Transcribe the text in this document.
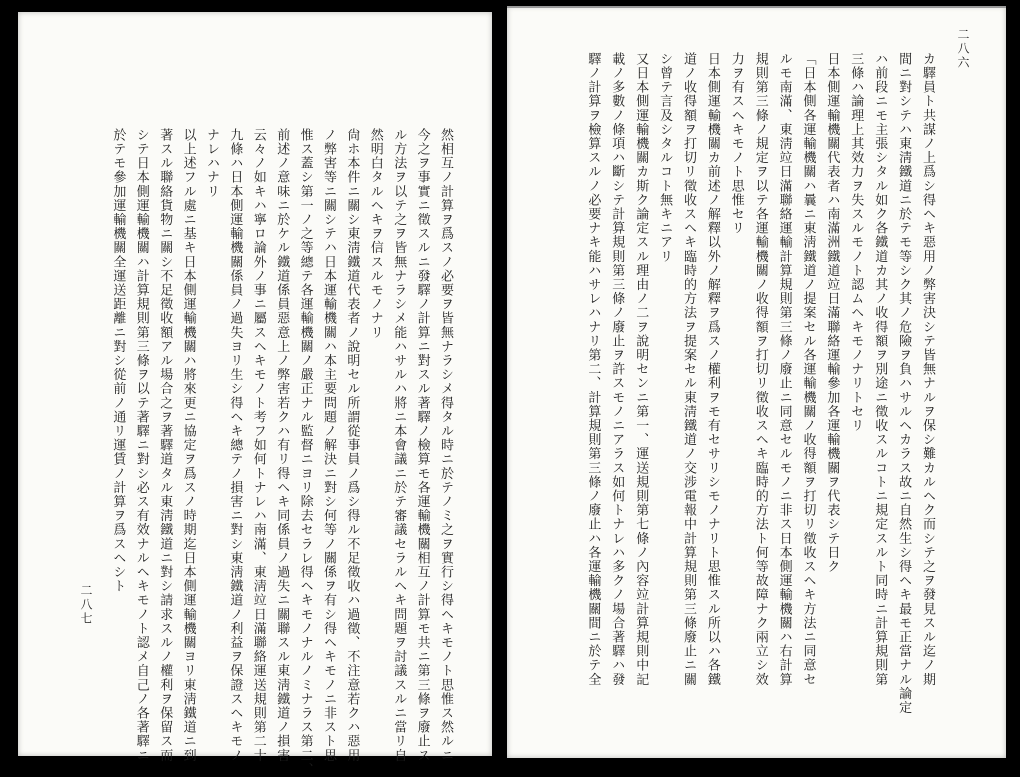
二八七	然相互ノ計算ヲ爲スノ必要ヲ皆無ナラシメ得タル時ニ於テノミ之ヲ實行シ得ヘキモノト思惟ス然ルニ
今之ヲ事實ニ徵スルニ發驛ノ計算ニ對スル著驛ノ檢算モ各運輸機關相互ノ計算モ共ニ第三條ヲ廢止ス
ル方法ヲ以テ之ヲ皆無ナラシメ能ハサルハ將ニ本會議ニ於テ審議セラルヘキ問題ヲ討議スルニ當リ自
然明白タルヘキヲ信スルモノナリ
尙ホ本件ニ關シ東淸鐵道代表者ノ說明セル所謂從事員ノ爲シ得ル不足徵收ハ過徵、不注意若クハ惡用
ノ弊害等ニ關シテハ日本運輸機關ハ本主要問題ノ解決ニ對シ何等ノ關係ヲ有シ得ヘキモノニ非スト思
惟ス蓋シ第一ノ之等總テ各運輸機關ノ嚴正ナル監督ニヨリ除去セラレ得ヘキモノナルノミナラス第二、
前述ノ意味ニ於ケル鐵道係員惡意上ノ弊害若クハ有リ得ヘキ同係員ノ過失ニ關聯スル東淸鐵道ノ損害
云々ノ如キハ寧ロ論外ノ事ニ屬スヘキモノト考フ如何トナレハ南滿、東淸竝日滿聯絡運送規則第二十
九條ハ日本側運輸機關係員ノ過失ヨリ生シ得ヘキ總テノ損害ニ對シ東淸鐵道ノ利益ヲ保證スヘキモノ
ナレハナリ
以上述フル處ニ基キ日本側運輸機關ハ將來更ニ協定ヲ爲スノ時期迄日本側運輸機關ヨリ東淸鐵道ニ到
著スル聯絡貨物ニ關シ不足徵收額アル場合之ヲ著驛道タル東淸鐵道ニ對シ請求スルノ權利ヲ保留ス而
シテ日本側運輸機關ハ計算規則第三條ヲ以テ著驛ニ對シ必ス有效ナルヘキモノト認メ自己ノ各著驛ニ
於テモ參加運輸機關全運送距離ニ對シ從前ノ通リ運賃ノ計算ヲ爲スヘシト
二八六
カ驛員ト共謀ノ上爲シ得ヘキ惡用ノ弊害決シテ皆無ナルヲ保シ難カルヘク而シテ之ヲ發見スル迄ノ期
間ニ對シテハ東淸鐵道ニ於テモ等シク其ノ危險ヲ負ハサルヘカラス故ニ自然生シ得ヘキ最モ正當ナル論定
ハ前段ニモ主張シタル如ク各鐵道カ其ノ收得額ヲ別途ニ徵收スルコトニ規定スルト同時ニ計算規則第
三條ハ論理上其效力ヲ失スルモノト認ムヘキモノナリトセリ
日本側運輸機關代表者ハ南滿洲鐵道竝日滿聯絡運輸參加各運輸機關ヲ代表シテ日ク
「日本側各運輸機關ハ曩ニ東淸鐵道ノ提案セル各運輸機關ノ收得額ヲ打切リ徵收スヘキ方法ニ同意セ
ルモ南滿、東淸竝日滿聯絡運輸計算規則第三條ノ廢止ニ同意セルモノニ非ス日本側運輸機關ハ右計算
規則第三條ノ規定ヲ以テ各運輸機關ノ收得額ヲ打切リ徵收スヘキ臨時的方法ト何等故障ナク兩立シ效
力ヲ有スヘキモノト思惟セリ
日本側運輸機關カ前述ノ解釋以外ノ解釋ヲ爲スノ權利ヲモ有セサリシモノナリト思惟スル所以ハ各鐵
道ノ收得額ヲ打切リ徵收スヘキ臨時的方法ヲ提案セル東淸鐵道ノ交涉電報中計算規則第三條廢止ニ關
シ曾テ言及シタルコト無キニアリ
又日本側運輸機關カ斯ク論定スル理由ノ二ヲ說明センニ第一、運送規則第七條ノ內容竝計算規則中記
載ノ多數ノ條項ハ斷シテ計算規則第三條ノ廢止ヲ許スモノニアラス如何トナレハ多クノ場合著驛ハ發
驛ノ計算ヲ檢算スルノ必要ナキ能ハサレハナリ第二、計算規則第三條ノ廢止ハ各運輸機關間ニ於テ全
